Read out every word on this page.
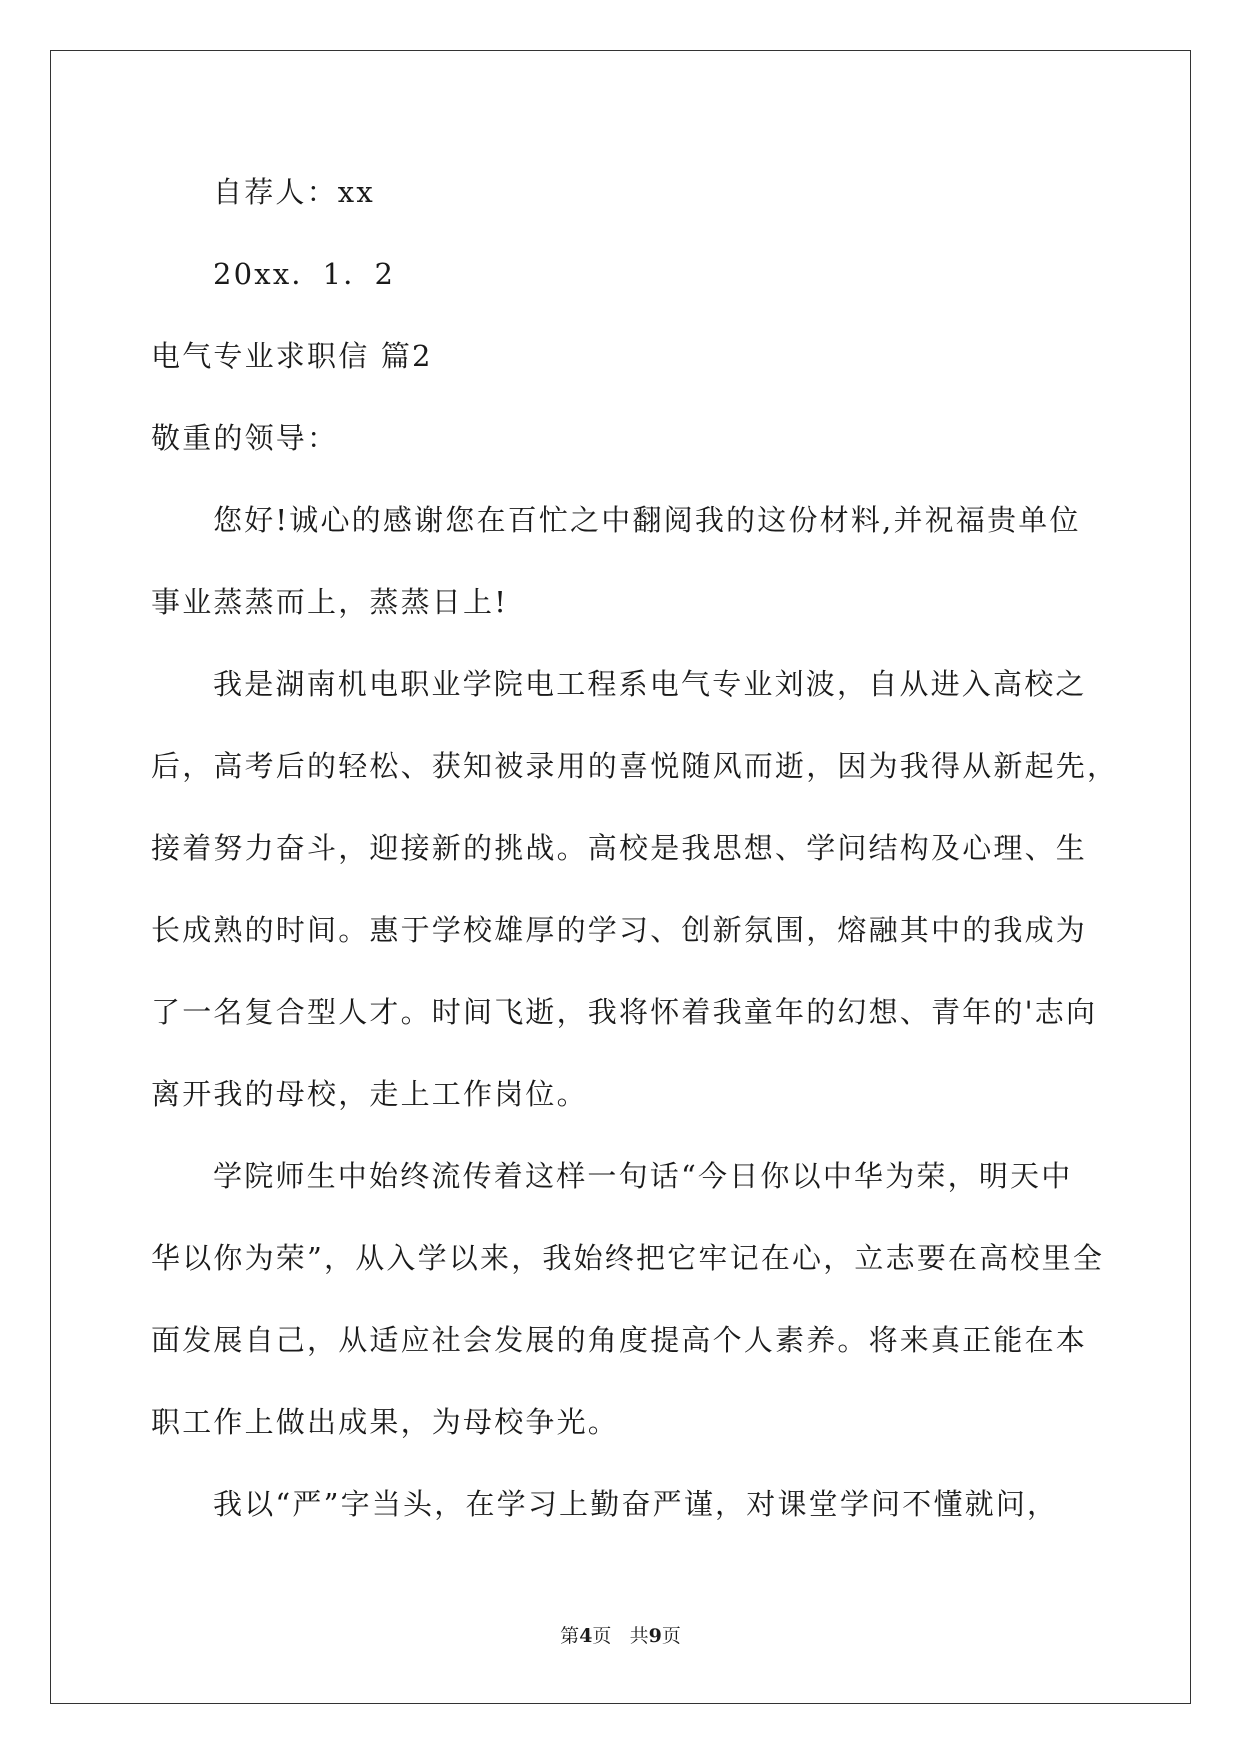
自荐人：xx
20xx．1．2
电气专业求职信 篇2
敬重的领导：
您好!诚心的感谢您在百忙之中翻阅我的这份材料,并祝福贵单位
事业蒸蒸而上，蒸蒸日上!
我是湖南机电职业学院电工程系电气专业刘波，自从进入高校之
后，高考后的轻松、获知被录用的喜悦随风而逝，因为我得从新起先，
接着努力奋斗，迎接新的挑战。高校是我思想、学问结构及心理、生
长成熟的时间。惠于学校雄厚的学习、创新氛围，熔融其中的我成为
了一名复合型人才。时间飞逝，我将怀着我童年的幻想、青年的'志向
离开我的母校，走上工作岗位。
学院师生中始终流传着这样一句话“今日你以中华为荣，明天中
华以你为荣”，从入学以来，我始终把它牢记在心，立志要在高校里全
面发展自己，从适应社会发展的角度提高个人素养。将来真正能在本
职工作上做出成果，为母校争光。
我以“严”字当头，在学习上勤奋严谨，对课堂学问不懂就问，
第4页 共9页
